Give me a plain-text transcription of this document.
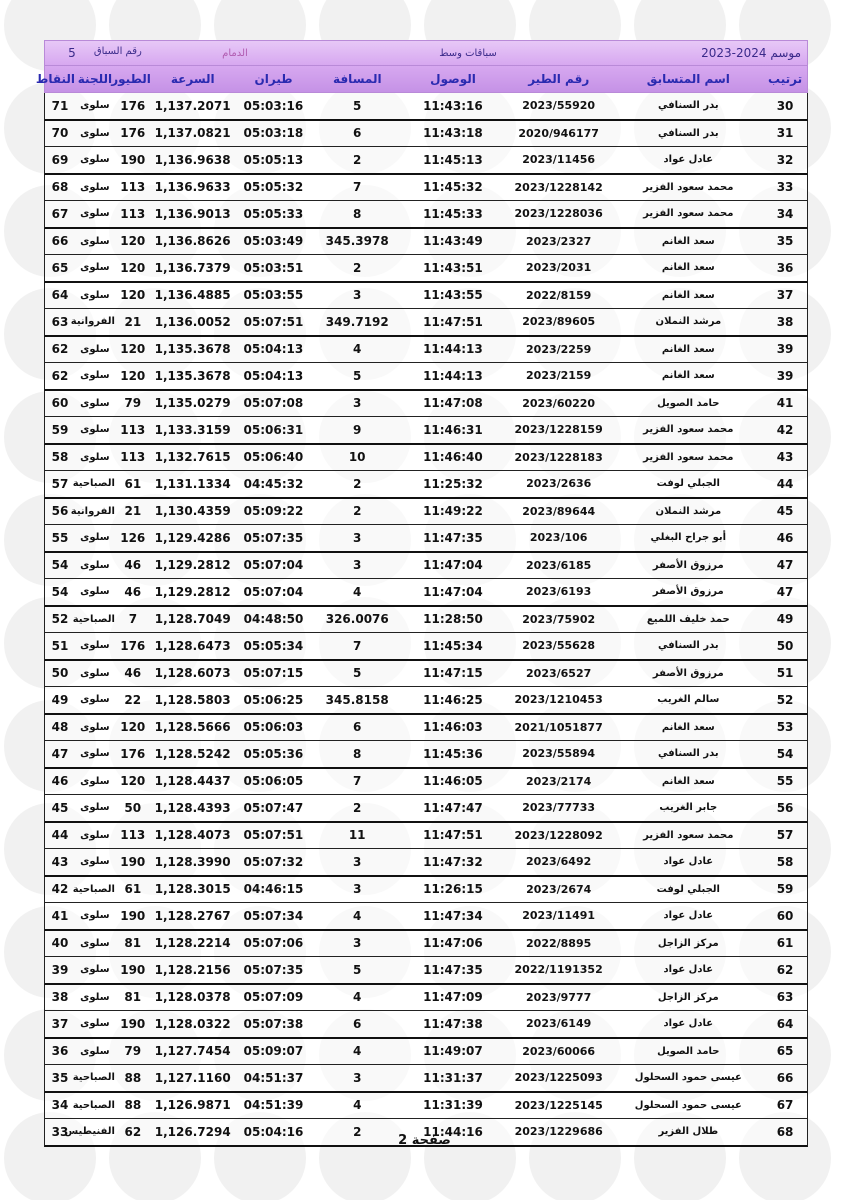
موسم 2024-2023
سباقات وسط
الدمام
رقم السباق
5
ترتيب
اسم المتسابق
رقم الطير
الوصول
المسافة
طيران
السرعة
الطيور
اللجنة
النقاط
30
بدر السنافي
2023/55920
11:43:16
5
05:03:16
1,137.2071
176
سلوى
71
31
بدر السنافي
2020/946177
11:43:18
6
05:03:18
1,137.0821
176
سلوى
70
32
عادل عواد
2023/11456
11:45:13
2
05:05:13
1,136.9638
190
سلوى
69
33
محمد سعود الفزير
2023/1228142
11:45:32
7
05:05:32
1,136.9633
113
سلوى
68
34
محمد سعود الفزير
2023/1228036
11:45:33
8
05:05:33
1,136.9013
113
سلوى
67
35
سعد الغانم
2023/2327
11:43:49
345.3978
05:03:49
1,136.8626
120
سلوى
66
36
سعد الغانم
2023/2031
11:43:51
2
05:03:51
1,136.7379
120
سلوى
65
37
سعد الغانم
2022/8159
11:43:55
3
05:03:55
1,136.4885
120
سلوى
64
38
مرشد النملان
2023/89605
11:47:51
349.7192
05:07:51
1,136.0052
21
الفروانية
63
39
سعد الغانم
2023/2259
11:44:13
4
05:04:13
1,135.3678
120
سلوى
62
39
سعد الغانم
2023/2159
11:44:13
5
05:04:13
1,135.3678
120
سلوى
62
41
حامد الصويل
2023/60220
11:47:08
3
05:07:08
1,135.0279
79
سلوى
60
42
محمد سعود الفزير
2023/1228159
11:46:31
9
05:06:31
1,133.3159
113
سلوى
59
43
محمد سعود الفزير
2023/1228183
11:46:40
10
05:06:40
1,132.7615
113
سلوى
58
44
الجبلي لوفت
2023/2636
11:25:32
2
04:45:32
1,131.1334
61
الصباحية
57
45
مرشد النملان
2023/89644
11:49:22
2
05:09:22
1,130.4359
21
الفروانية
56
46
أبو جراح البغلي
2023/106
11:47:35
3
05:07:35
1,129.4286
126
سلوى
55
47
مرزوق الأصفر
2023/6185
11:47:04
3
05:07:04
1,129.2812
46
سلوى
54
47
مرزوق الأصفر
2023/6193
11:47:04
4
05:07:04
1,129.2812
46
سلوى
54
49
حمد خليف اللميع
2023/75902
11:28:50
326.0076
04:48:50
1,128.7049
7
الصباحية
52
50
بدر السنافي
2023/55628
11:45:34
7
05:05:34
1,128.6473
176
سلوى
51
51
مرزوق الأصفر
2023/6527
11:47:15
5
05:07:15
1,128.6073
46
سلوى
50
52
سالم الغريب
2023/1210453
11:46:25
345.8158
05:06:25
1,128.5803
22
سلوى
49
53
سعد الغانم
2021/1051877
11:46:03
6
05:06:03
1,128.5666
120
سلوى
48
54
بدر السنافي
2023/55894
11:45:36
8
05:05:36
1,128.5242
176
سلوى
47
55
سعد الغانم
2023/2174
11:46:05
7
05:06:05
1,128.4437
120
سلوى
46
56
جابر الغريب
2023/77733
11:47:47
2
05:07:47
1,128.4393
50
سلوى
45
57
محمد سعود الفزير
2023/1228092
11:47:51
11
05:07:51
1,128.4073
113
سلوى
44
58
عادل عواد
2023/6492
11:47:32
3
05:07:32
1,128.3990
190
سلوى
43
59
الجبلي لوفت
2023/2674
11:26:15
3
04:46:15
1,128.3015
61
الصباحية
42
60
عادل عواد
2023/11491
11:47:34
4
05:07:34
1,128.2767
190
سلوى
41
61
مركز الزاجل
2022/8895
11:47:06
3
05:07:06
1,128.2214
81
سلوى
40
62
عادل عواد
2022/1191352
11:47:35
5
05:07:35
1,128.2156
190
سلوى
39
63
مركز الزاجل
2023/9777
11:47:09
4
05:07:09
1,128.0378
81
سلوى
38
64
عادل عواد
2023/6149
11:47:38
6
05:07:38
1,128.0322
190
سلوى
37
65
حامد الصويل
2023/60066
11:49:07
4
05:09:07
1,127.7454
79
سلوى
36
66
عيسى حمود السحلول
2023/1225093
11:31:37
3
04:51:37
1,127.1160
88
الصباحية
35
67
عيسى حمود السحلول
2023/1225145
11:31:39
4
04:51:39
1,126.9871
88
الصباحية
34
68
طلال الفزير
2023/1229686
11:44:16
2
05:04:16
1,126.7294
62
الفنيطيس
33
صفحة 2
